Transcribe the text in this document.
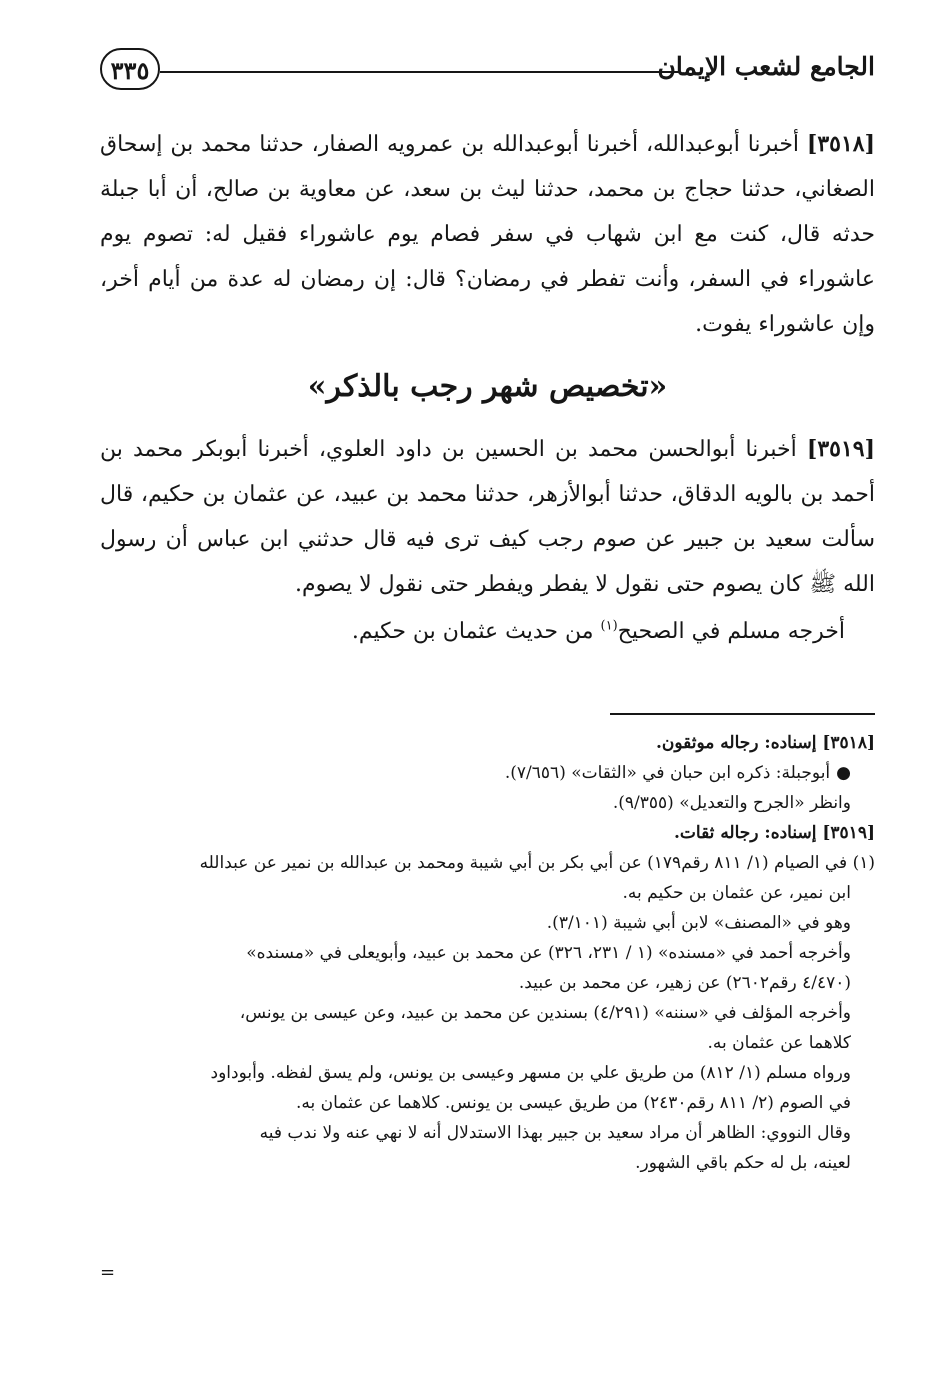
الجامع لشعب الإيمان
٣٣٥

[٣٥١٨] أخبرنا أبوعبدالله، أخبرنا أبوعبدالله بن عمرويه الصفار، حدثنا محمد بن إسحاق الصغاني، حدثنا حجاج بن محمد، حدثنا ليث بن سعد، عن معاوية بن صالح، أن أبا جبلة حدثه قال، كنت مع ابن شهاب في سفر فصام يوم عاشوراء فقيل له: تصوم يوم عاشوراء في السفر، وأنت تفطر في رمضان؟ قال: إن رمضان له عدة من أيام أخر، وإن عاشوراء يفوت.

«تخصيص شهر رجب بالذكر»

[٣٥١٩] أخبرنا أبوالحسن محمد بن الحسين بن داود العلوي، أخبرنا أبوبكر محمد بن أحمد بن بالويه الدقاق، حدثنا أبوالأزهر، حدثنا محمد بن عبيد، عن عثمان بن حكيم، قال سألت سعيد بن جبير عن صوم رجب كيف ترى فيه قال حدثني ابن عباس أن رسول الله ﷺ كان يصوم حتى نقول لا يفطر ويفطر حتى نقول لا يصوم.

أخرجه مسلم في الصحيح$^{(١)}$ من حديث عثمان بن حكيم.

[٣٥١٨] إسناده: رجاله موثقون.

●أبوجبلة: ذكره ابن حبان في «الثقات» (٧/٦٥٦).

وانظر «الجرح والتعديل» (٩/٣٥٥).

[٣٥١٩] إسناده: رجاله ثقات.

(١) في الصيام (١/ ٨١١ رقم١٧٩) عن أبي بكر بن أبي شيبة ومحمد بن عبدالله بن نمير عن عبدالله

ابن نمير، عن عثمان بن حكيم به.

وهو في «المصنف» لابن أبي شيبة (٣/١٠١).

وأخرجه أحمد في «مسنده» (١ / ٢٣١، ٣٢٦) عن محمد بن عبيد، وأبويعلى في «مسنده»

(٤/٤٧٠ رقم٢٦٠٢) عن زهير، عن محمد بن عبيد.

وأخرجه المؤلف في «سننه» (٤/٢٩١) بسندين عن محمد بن عبيد، وعن عيسى بن يونس،

كلاهما عن عثمان به.

ورواه مسلم (١/ ٨١٢) من طريق علي بن مسهر وعيسى بن يونس، ولم يسق لفظه. وأبوداود

في الصوم (٢/ ٨١١ رقم٢٤٣٠) من طريق عيسى بن يونس. كلاهما عن عثمان به.

وقال النووي: الظاهر أن مراد سعيد بن جبير بهذا الاستدلال أنه لا نهي عنه ولا ندب فيه

لعينه، بل له حكم باقي الشهور.

=
